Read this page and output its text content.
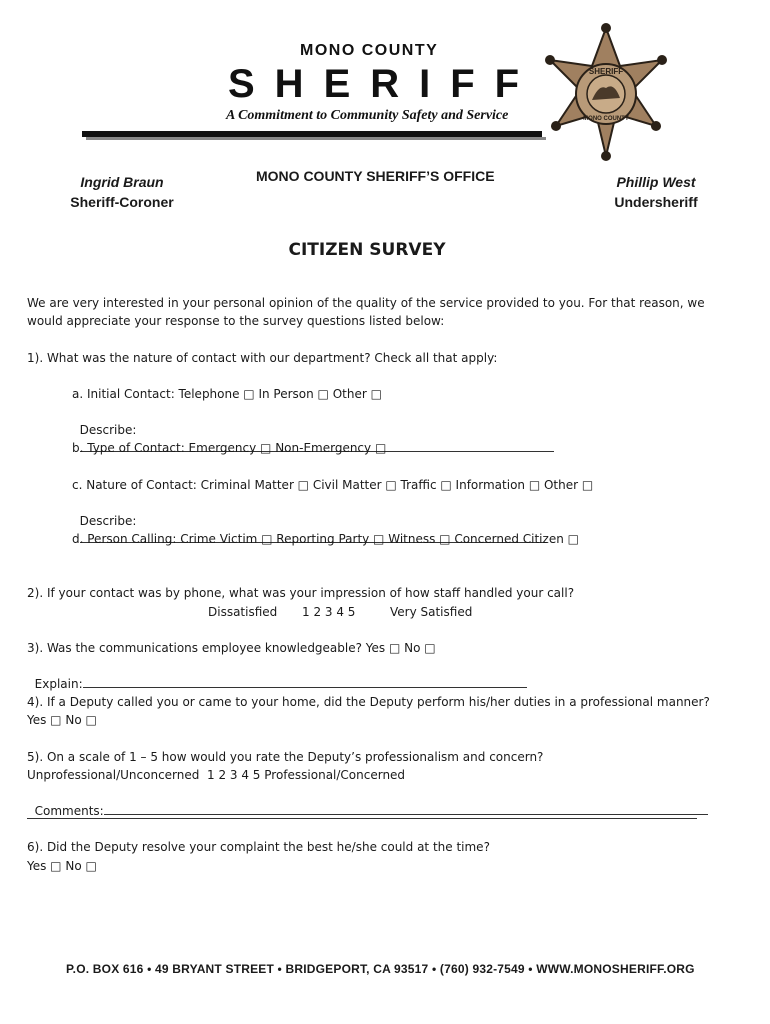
MONO COUNTY
SHERIFF
A Commitment to Community Safety and Service
SHERIFF
MONO COUNTY
Ingrid Braun
Sheriff-Coroner
MONO COUNTY SHERIFF’S OFFICE	Phillip West
Undersheriff
CITIZEN SURVEY
We are very interested in your personal opinion of the quality of the service provided to you. For that reason, we would appreciate your response to the survey questions listed below:
1). What was the nature of contact with our department? Check all that apply:
a. Initial Contact: Telephone □ In Person □ Other □

Describe:

b. Type of Contact: Emergency □ Non-Emergency □
c. Nature of Contact: Criminal Matter □ Civil Matter □ Traffic □ Information □ Other □

Describe:

d. Person Calling: Crime Victim □ Reporting Party □ Witness □ Concerned Citizen □
2). If your contact was by phone, what was your impression of how staff handled your call?
Dissatisfied 1 2 3 4 5	Very Satisfied
3). Was the communications employee knowledgeable? Yes □ No □

Explain:

4). If a Deputy called you or came to your home, did the Deputy perform his/her duties in a professional manner?
Yes □ No □
5). On a scale of 1 – 5 how would you rate the Deputy’s professionalism and concern?
Unprofessional/Unconcerned  1 2 3 4 5 Professional/Concerned

Comments:

6). Did the Deputy resolve your complaint the best he/she could at the time?
Yes □ No □
P.O. BOX 616 • 49 BRYANT STREET • BRIDGEPORT, CA 93517 • (760) 932-7549 • WWW.MONOSHERIFF.ORG
